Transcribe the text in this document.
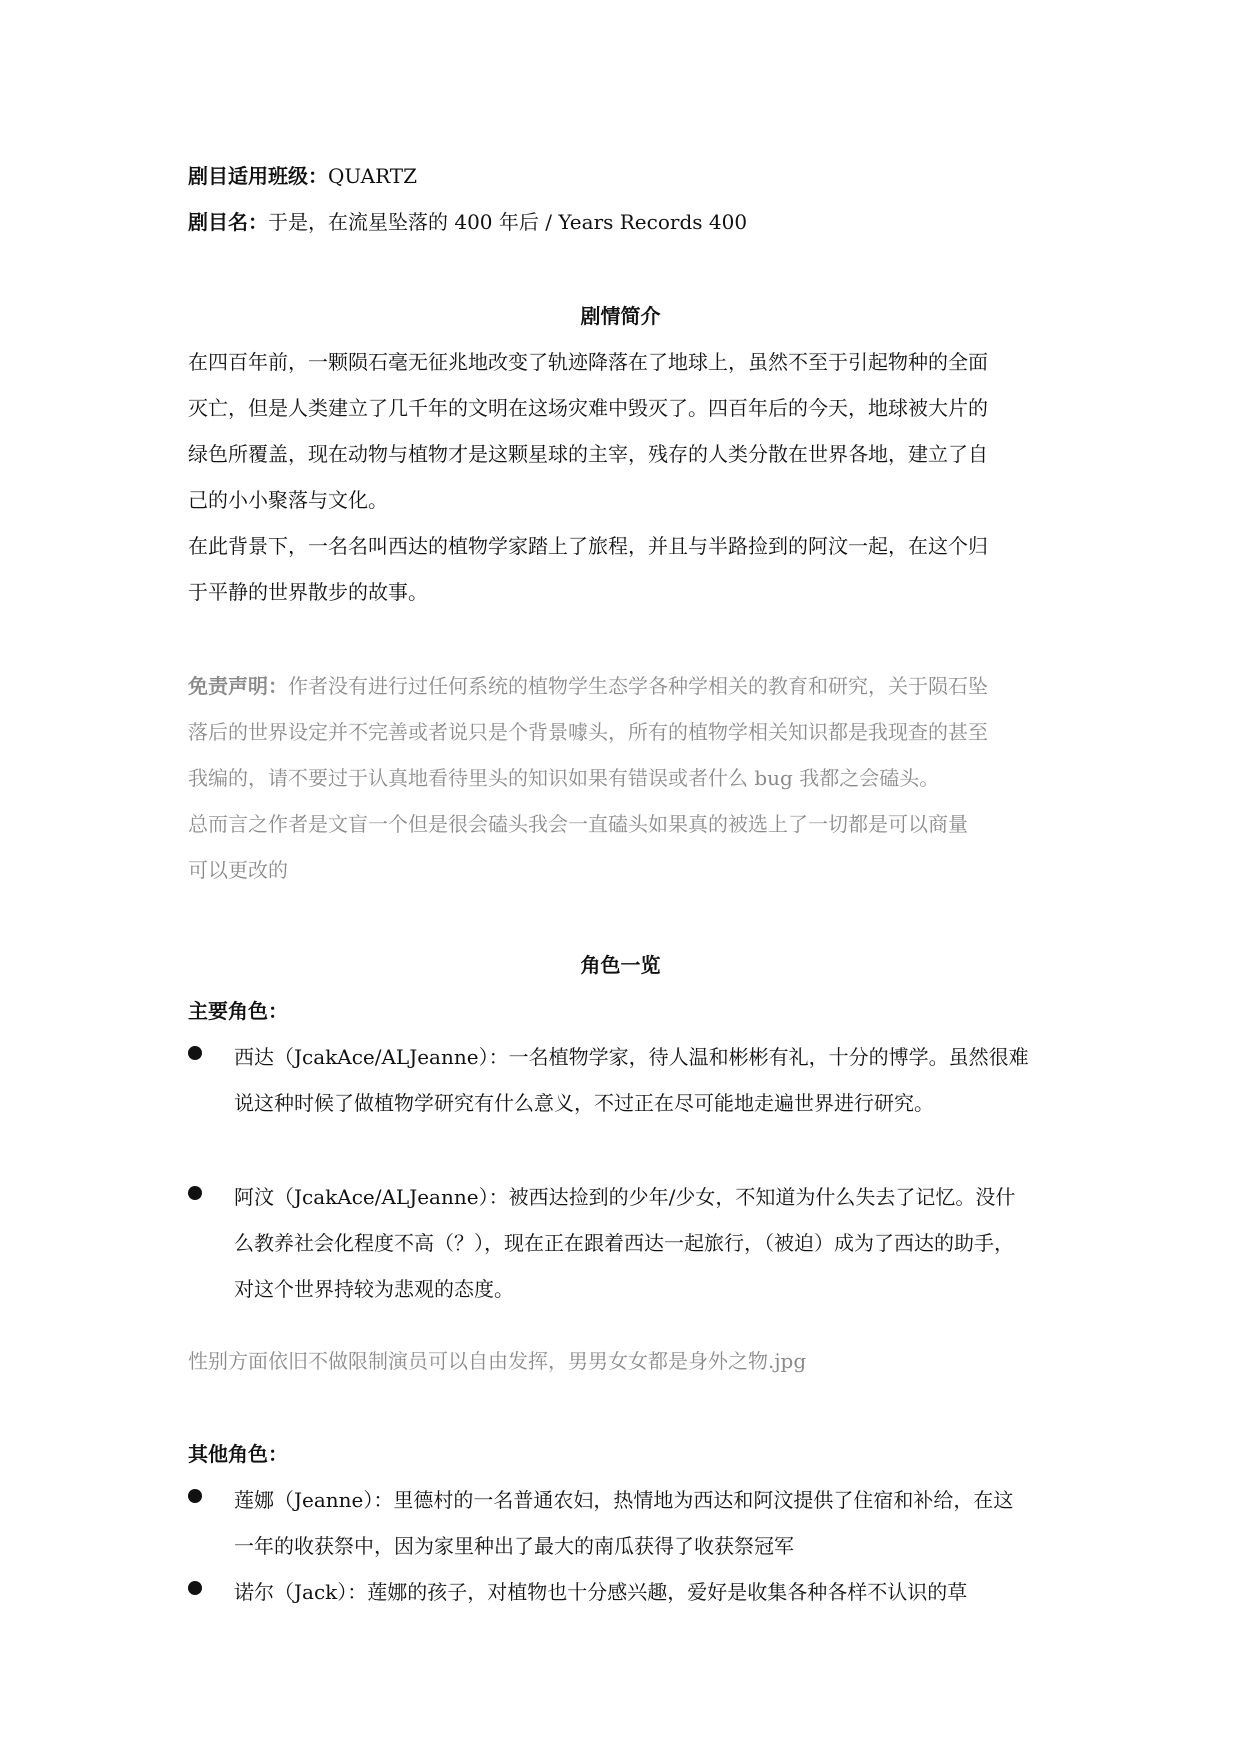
剧目适用班级：QUARTZ
剧目名：于是，在流星坠落的 400 年后 / Years Records 400
剧情简介
在四百年前，一颗陨石毫无征兆地改变了轨迹降落在了地球上，虽然不至于引起物种的全面
灭亡，但是人类建立了几千年的文明在这场灾难中毁灭了。四百年后的今天，地球被大片的
绿色所覆盖，现在动物与植物才是这颗星球的主宰，残存的人类分散在世界各地，建立了自
己的小小聚落与文化。
在此背景下，一名名叫西达的植物学家踏上了旅程，并且与半路捡到的阿汶一起，在这个归
于平静的世界散步的故事。
免责声明：作者没有进行过任何系统的植物学生态学各种学相关的教育和研究，关于陨石坠
落后的世界设定并不完善或者说只是个背景噱头，所有的植物学相关知识都是我现查的甚至
我编的，请不要过于认真地看待里头的知识如果有错误或者什么 bug 我都之会磕头。
总而言之作者是文盲一个但是很会磕头我会一直磕头如果真的被选上了一切都是可以商量
可以更改的
角色一览
主要角色：
西达（JcakAce/ALJeanne）：一名植物学家，待人温和彬彬有礼，十分的博学。虽然很难
说这种时候了做植物学研究有什么意义，不过正在尽可能地走遍世界进行研究。
阿汶（JcakAce/ALJeanne）：被西达捡到的少年/少女，不知道为什么失去了记忆。没什
么教养社会化程度不高（？），现在正在跟着西达一起旅行，（被迫）成为了西达的助手，
对这个世界持较为悲观的态度。
性别方面依旧不做限制演员可以自由发挥，男男女女都是身外之物.jpg
其他角色：
莲娜（Jeanne）：里德村的一名普通农妇，热情地为西达和阿汶提供了住宿和补给，在这
一年的收获祭中，因为家里种出了最大的南瓜获得了收获祭冠军
诺尔（Jack）：莲娜的孩子，对植物也十分感兴趣，爱好是收集各种各样不认识的草
